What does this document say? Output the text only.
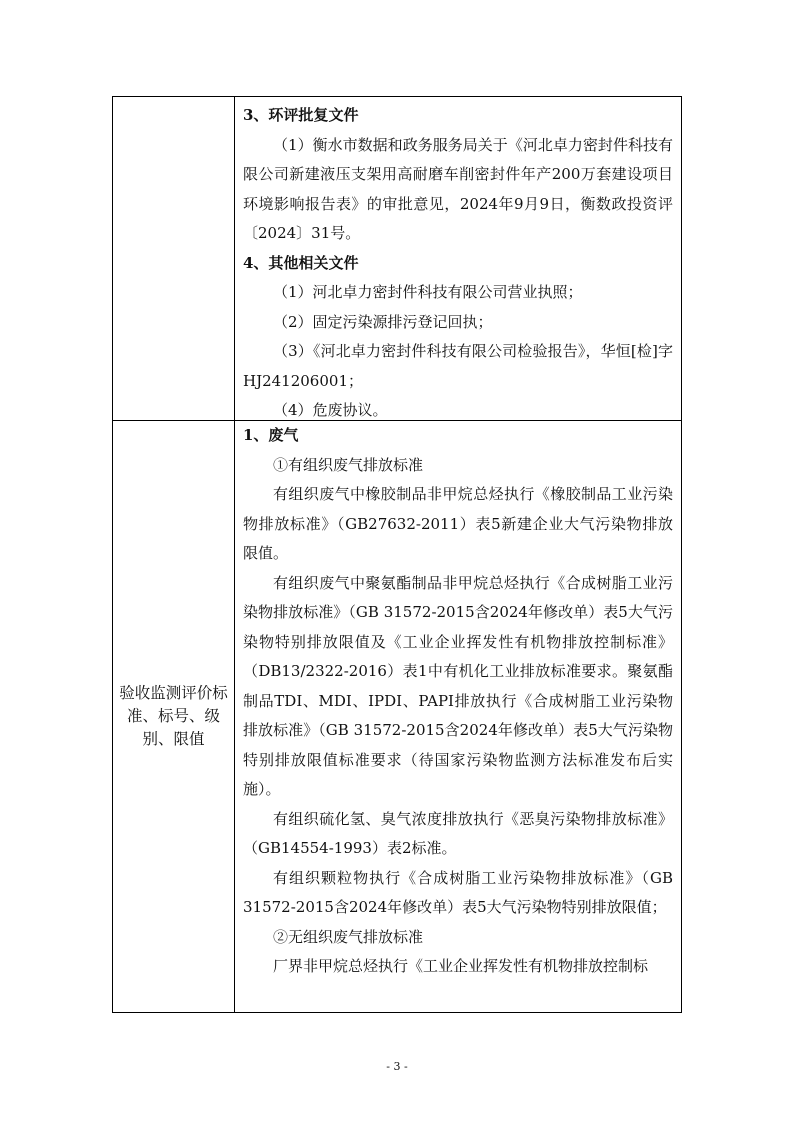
3、环评批复文件

（1）衡水市数据和政务服务局关于《河北卓力密封件科技有限公司新建液压支架用高耐磨车削密封件年产200万套建设项目环境影响报告表》的审批意见，2024年9月9日，衡数政投资评〔2024〕31号。

4、其他相关文件

（1）河北卓力密封件科技有限公司营业执照；

（2）固定污染源排污登记回执；

（3）《河北卓力密封件科技有限公司检验报告》，华恒[检]字HJ241206001；

（4）危废协议。

验收监测评价标准、标号、级别、限值

1、废气

①有组织废气排放标准

有组织废气中橡胶制品非甲烷总烃执行《橡胶制品工业污染物排放标准》（GB27632-2011）表5新建企业大气污染物排放限值。

有组织废气中聚氨酯制品非甲烷总烃执行《合成树脂工业污染物排放标准》（GB 31572-2015含2024年修改单）表5大气污染物特别排放限值及《工业企业挥发性有机物排放控制标准》（DB13/2322-2016）表1中有机化工业排放标准要求。聚氨酯制品TDI、MDI、IPDI、PAPI排放执行《合成树脂工业污染物排放标准》（GB 31572-2015含2024年修改单）表5大气污染物特别排放限值标准要求（待国家污染物监测方法标准发布后实施）。

有组织硫化氢、臭气浓度排放执行《恶臭污染物排放标准》（GB14554-1993）表2标准。

有组织颗粒物执行《合成树脂工业污染物排放标准》（GB 31572-2015含2024年修改单）表5大气污染物特别排放限值；

②无组织废气排放标准

厂界非甲烷总烃执行《工业企业挥发性有机物排放控制标

- 3 -
